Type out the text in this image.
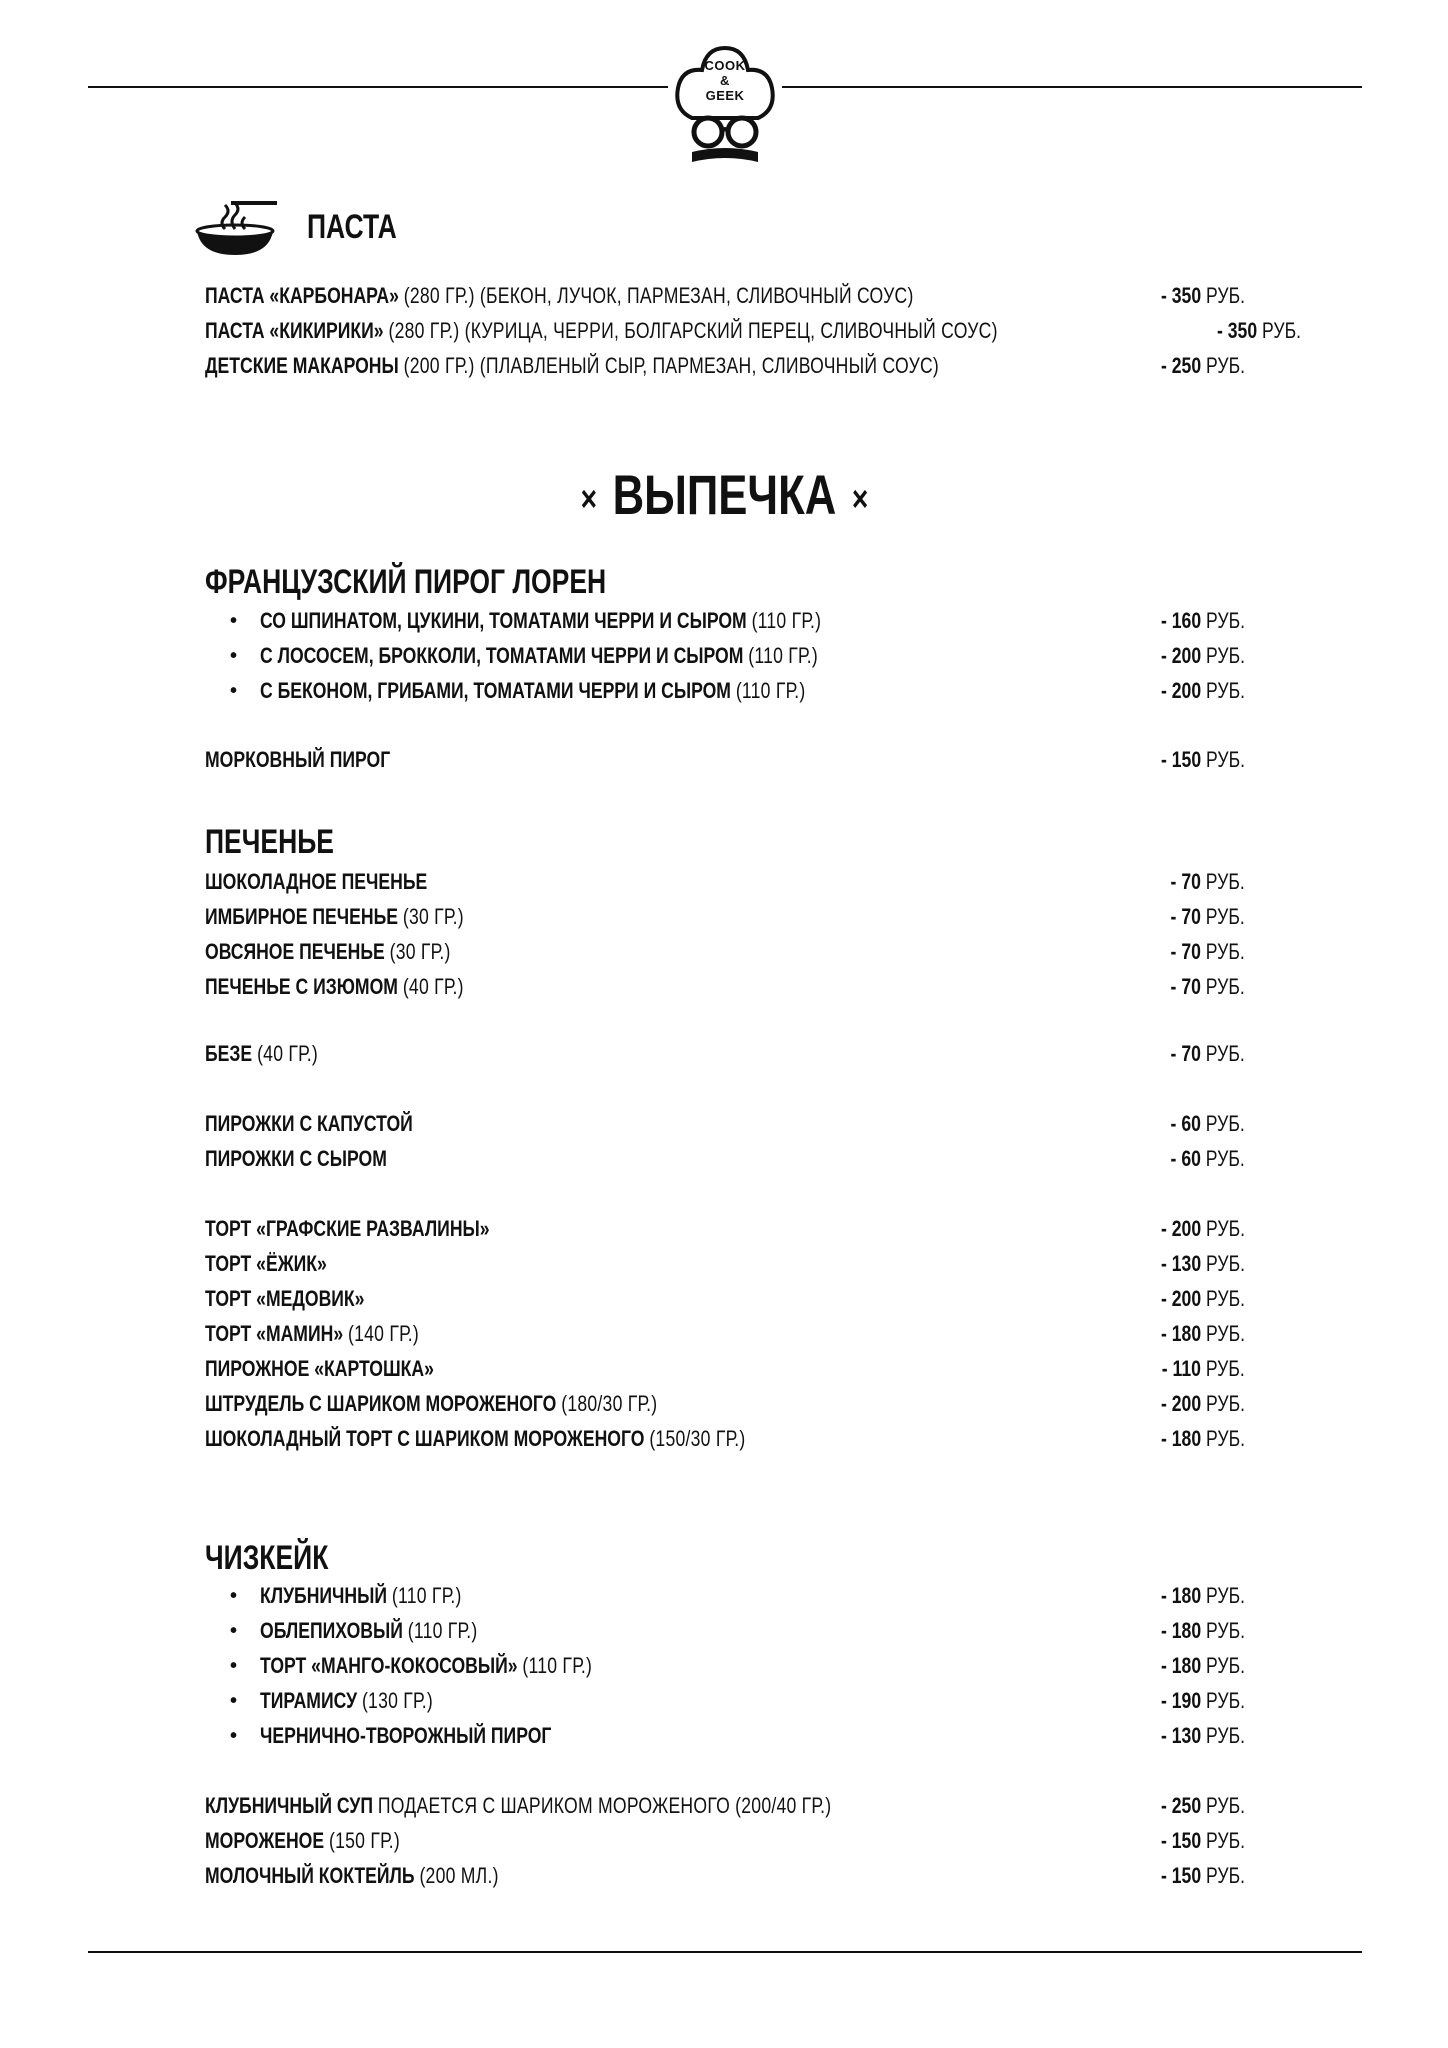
COOK
&
GEEK
ПАСТА
× ВЫПЕЧКА ×
ФРАНЦУЗСКИЙ ПИРОГ ЛОРЕН
ПЕЧЕНЬЕ
ЧИЗКЕЙК
ПАСТА «КАРБОНАРА» (280 ГР.) (БЕКОН, ЛУЧОК, ПАРМЕЗАН, СЛИВОЧНЫЙ СОУС)	- 350 РУБ.
ПАСТА «КИКИРИКИ» (280 ГР.) (КУРИЦА, ЧЕРРИ, БОЛГАРСКИЙ ПЕРЕЦ, СЛИВОЧНЫЙ СОУС)	- 350 РУБ.
ДЕТСКИЕ МАКАРОНЫ (200 ГР.) (ПЛАВЛЕНЫЙ СЫР, ПАРМЕЗАН, СЛИВОЧНЫЙ СОУС)	- 250 РУБ.
•	СО ШПИНАТОМ, ЦУКИНИ, ТОМАТАМИ ЧЕРРИ И СЫРОМ (110 ГР.)	- 160 РУБ.
•	С ЛОСОСЕМ, БРОККОЛИ, ТОМАТАМИ ЧЕРРИ И СЫРОМ (110 ГР.)	- 200 РУБ.
•	С БЕКОНОМ, ГРИБАМИ, ТОМАТАМИ ЧЕРРИ И СЫРОМ (110 ГР.)	- 200 РУБ.
МОРКОВНЫЙ ПИРОГ	- 150 РУБ.
ШОКОЛАДНОЕ ПЕЧЕНЬЕ	- 70 РУБ.
ИМБИРНОЕ ПЕЧЕНЬЕ (30 ГР.)	- 70 РУБ.
ОВСЯНОЕ ПЕЧЕНЬЕ (30 ГР.)	- 70 РУБ.
ПЕЧЕНЬЕ С ИЗЮМОМ (40 ГР.)	- 70 РУБ.
БЕЗЕ (40 ГР.)	- 70 РУБ.
ПИРОЖКИ С КАПУСТОЙ	- 60 РУБ.
ПИРОЖКИ С СЫРОМ	- 60 РУБ.
ТОРТ «ГРАФСКИЕ РАЗВАЛИНЫ»	- 200 РУБ.
ТОРТ «ЁЖИК»	- 130 РУБ.
ТОРТ «МЕДОВИК»	- 200 РУБ.
ТОРТ «МАМИН» (140 ГР.)	- 180 РУБ.
ПИРОЖНОЕ «КАРТОШКА»	- 110 РУБ.
ШТРУДЕЛЬ С ШАРИКОМ МОРОЖЕНОГО (180/30 ГР.)	- 200 РУБ.
ШОКОЛАДНЫЙ ТОРТ С ШАРИКОМ МОРОЖЕНОГО (150/30 ГР.)	- 180 РУБ.
•	КЛУБНИЧНЫЙ (110 ГР.)	- 180 РУБ.
•	ОБЛЕПИХОВЫЙ (110 ГР.)	- 180 РУБ.
•	ТОРТ «МАНГО-КОКОСОВЫЙ» (110 ГР.)	- 180 РУБ.
•	ТИРАМИСУ (130 ГР.)	- 190 РУБ.
•	ЧЕРНИЧНО-ТВОРОЖНЫЙ ПИРОГ	- 130 РУБ.
КЛУБНИЧНЫЙ СУП ПОДАЕТСЯ С ШАРИКОМ МОРОЖЕНОГО (200/40 ГР.)	- 250 РУБ.
МОРОЖЕНОЕ (150 ГР.)	- 150 РУБ.
МОЛОЧНЫЙ КОКТЕЙЛЬ (200 МЛ.)	- 150 РУБ.
